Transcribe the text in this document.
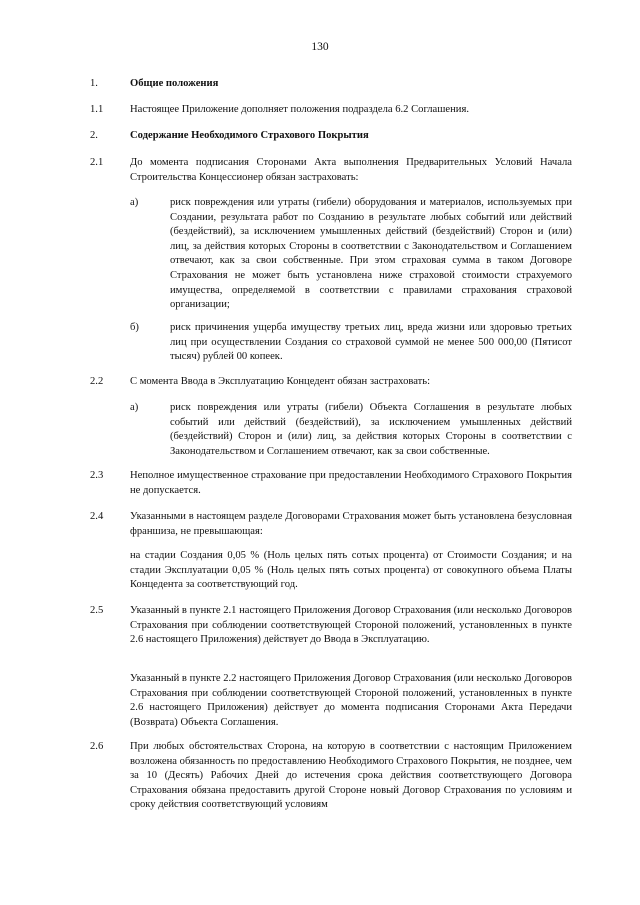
130
1.	Общие положения
1.1	Настоящее Приложение дополняет положения подраздела 6.2 Соглашения.
2.	Содержание Необходимого Страхового Покрытия
2.1	До момента подписания Сторонами Акта выполнения Предварительных Условий Начала Строительства Концессионер обязан застраховать:
а)	риск повреждения или утраты (гибели) оборудования и материалов, используемых при Создании, результата работ по Созданию в результате любых событий или действий (бездействий), за исключением умышленных действий (бездействий) Сторон и (или) лиц, за действия которых Стороны в соответствии с Законодательством и Соглашением отвечают, как за свои собственные. При этом страховая сумма в таком Договоре Страхования не может быть установлена ниже страховой стоимости страхуемого имущества, определяемой в соответствии с правилами страхования страховой организации;
б)	риск причинения ущерба имуществу третьих лиц, вреда жизни или здоровью третьих лиц при осуществлении Создания со страховой суммой не менее 500 000,00 (Пятисот тысяч) рублей 00 копеек.
2.2	С момента Ввода в Эксплуатацию Концедент обязан застраховать:
а)	риск повреждения или утраты (гибели) Объекта Соглашения в результате любых событий или действий (бездействий), за исключением умышленных действий (бездействий) Сторон и (или) лиц, за действия которых Стороны в соответствии с Законодательством и Соглашением отвечают, как за свои собственные.
2.3	Неполное имущественное страхование при предоставлении Необходимого Страхового Покрытия не допускается.
2.4	Указанными в настоящем разделе Договорами Страхования может быть установлена безусловная франшиза, не превышающая:
на стадии Создания 0,05 % (Ноль целых пять сотых процента) от Стоимости Создания; и на стадии Эксплуатации 0,05 % (Ноль целых пять сотых процента) от совокупного объема Платы Концедента за соответствующий год.
2.5	Указанный в пункте 2.1 настоящего Приложения Договор Страхования (или несколько Договоров Страхования при соблюдении соответствующей Стороной положений, установленных в пункте 2.6 настоящего Приложения) действует до Ввода в Эксплуатацию.
Указанный в пункте 2.2 настоящего Приложения Договор Страхования (или несколько Договоров Страхования при соблюдении соответствующей Стороной положений, установленных в пункте 2.6 настоящего Приложения) действует до момента подписания Сторонами Акта Передачи (Возврата) Объекта Соглашения.
2.6	При любых обстоятельствах Сторона, на которую в соответствии с настоящим Приложением возложена обязанность по предоставлению Необходимого Страхового Покрытия, не позднее, чем за 10 (Десять) Рабочих Дней до истечения срока действия соответствующего Договора Страхования обязана предоставить другой Стороне новый Договор Страхования по условиям и сроку действия соответствующий условиям
